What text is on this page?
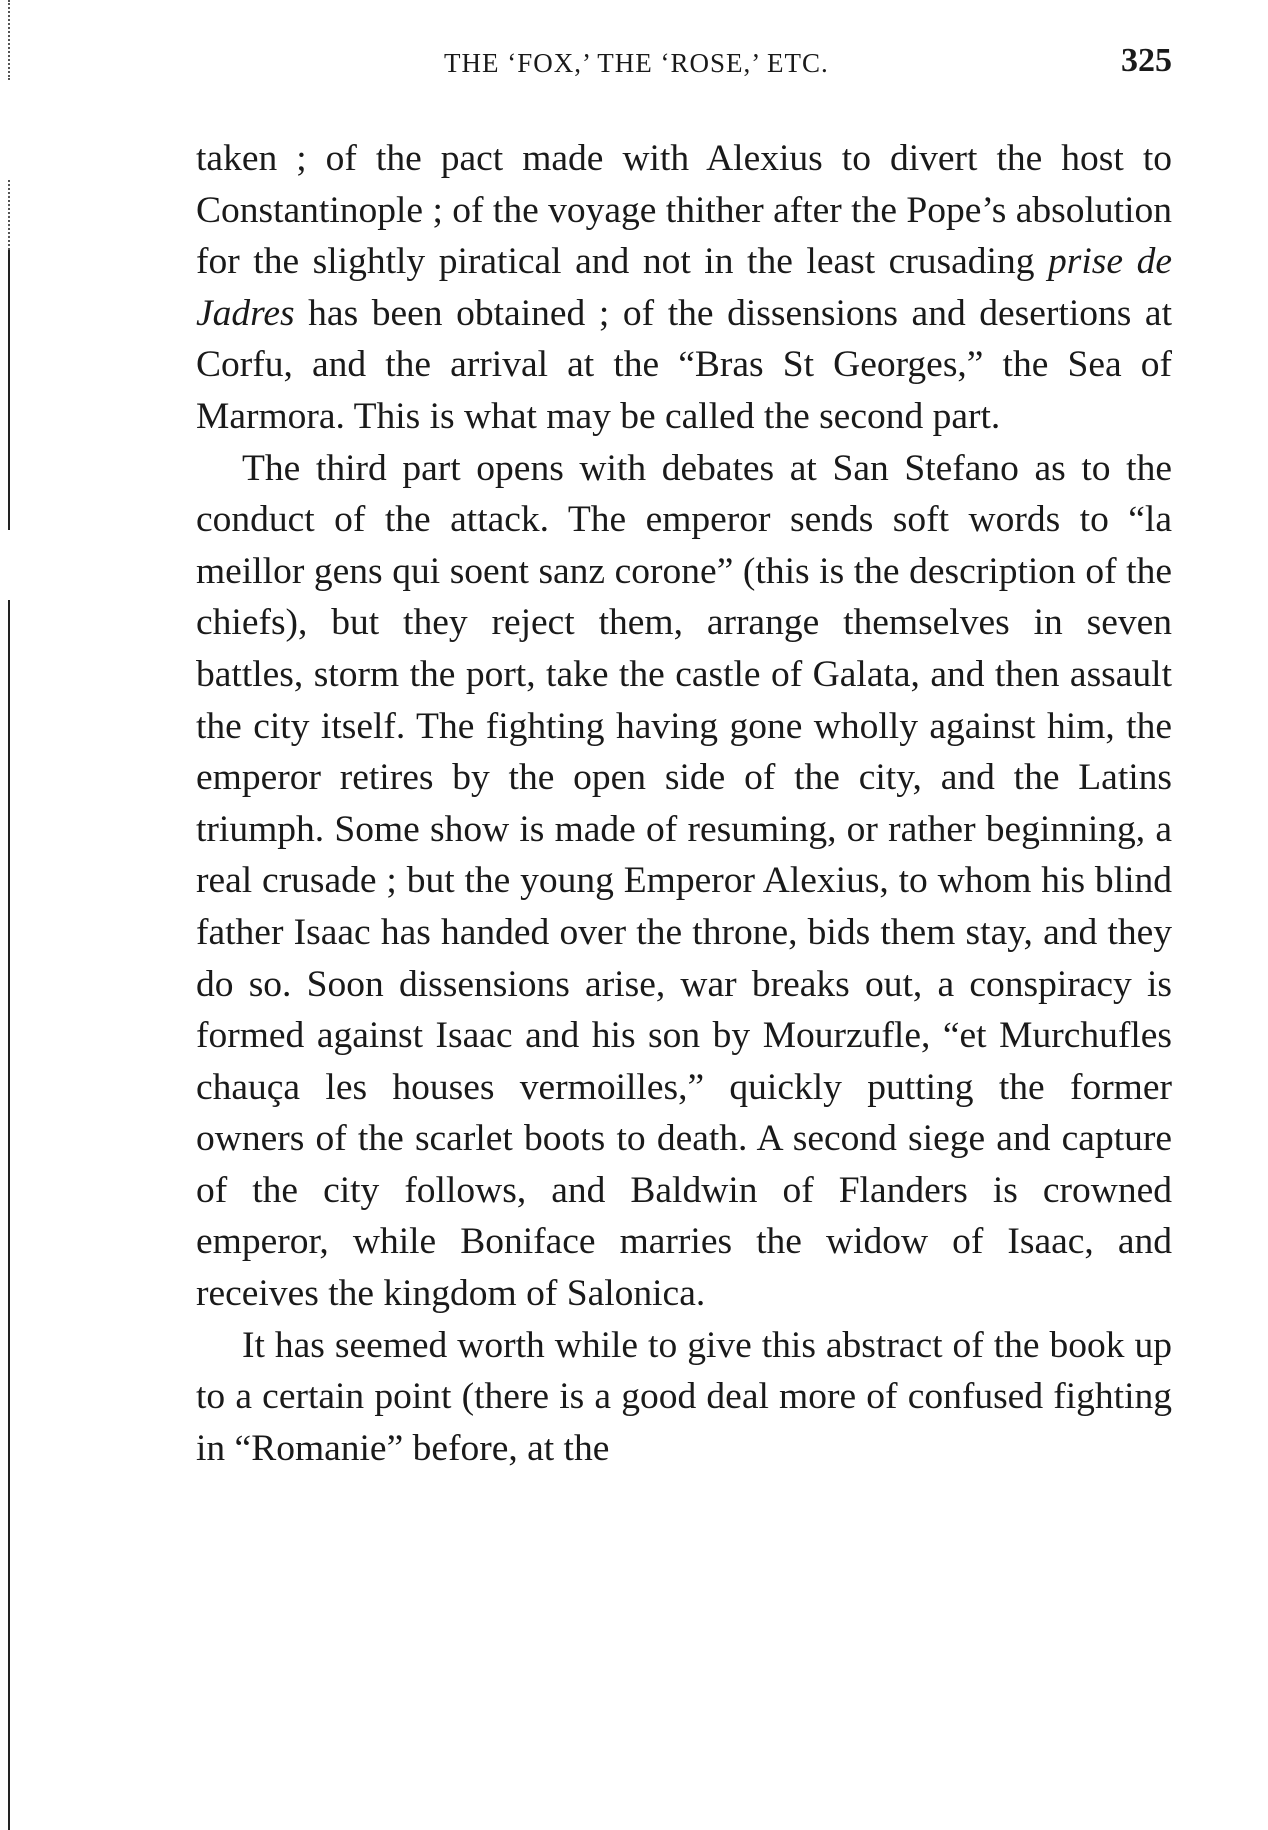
THE ‘FOX,’ THE ‘ROSE,’ ETC.	325

taken ; of the pact made with Alexius to divert the host to Constantinople ; of the voyage thither after the Pope’s absolution for the slightly piratical and not in the least crusading prise de Jadres has been obtained ; of the dissensions and desertions at Corfu, and the arrival at the “Bras St Georges,” the Sea of Marmora. This is what may be called the second part.

The third part opens with debates at San Stefano as to the conduct of the attack. The emperor sends soft words to “la meillor gens qui soent sanz corone” (this is the description of the chiefs), but they reject them, arrange themselves in seven battles, storm the port, take the castle of Galata, and then assault the city itself. The fighting having gone wholly against him, the emperor retires by the open side of the city, and the Latins triumph. Some show is made of resuming, or rather beginning, a real crusade ; but the young Emperor Alexius, to whom his blind father Isaac has handed over the throne, bids them stay, and they do so. Soon dissensions arise, war breaks out, a conspiracy is formed against Isaac and his son by Mourzufle, “et Murchufles chauça les houses vermoilles,” quickly putting the former owners of the scarlet boots to death. A second siege and capture of the city follows, and Baldwin of Flanders is crowned emperor, while Boniface marries the widow of Isaac, and receives the kingdom of Salonica.

It has seemed worth while to give this abstract of the book up to a certain point (there is a good deal more of confused fighting in “Romanie” before, at the
